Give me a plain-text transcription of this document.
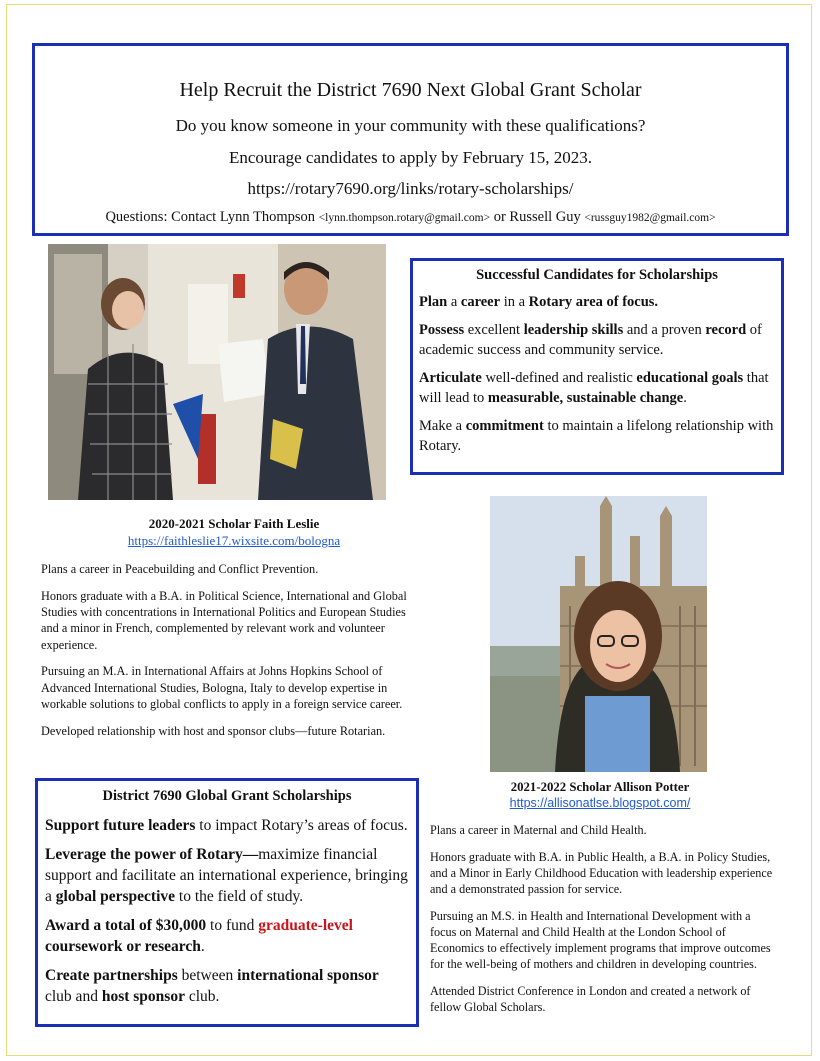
Help Recruit the District 7690 Next Global Grant Scholar
Do you know someone in your community with these qualifications?
Encourage candidates to apply by February 15, 2023.
https://rotary7690.org/links/rotary-scholarships/
Questions: Contact Lynn Thompson <lynn.thompson.rotary@gmail.com> or Russell Guy <russguy1982@gmail.com>
Successful Candidates for Scholarships

Plan a career in a Rotary area of focus.

Possess excellent leadership skills and a proven record of academic success and community service.

Articulate well-defined and realistic educational goals that will lead to measurable, sustainable change.

Make a commitment to maintain a lifelong relationship with Rotary.

2020-2021 Scholar Faith Leslie
https://faithleslie17.wixsite.com/bologna

Plans a career in Peacebuilding and Conflict Prevention.

Honors graduate with a B.A. in Political Science, International and Global Studies with concentrations in International Politics and European Studies and a minor in French, complemented by relevant work and volunteer experience.

Pursuing an M.A. in International Affairs at Johns Hopkins School of Advanced International Studies, Bologna, Italy to develop expertise in workable solutions to global conflicts to apply in a foreign service career.

Developed relationship with host and sponsor clubs—future Rotarian.

District 7690 Global Grant Scholarships

Support future leaders to impact Rotary’s areas of focus.

Leverage the power of Rotary—maximize financial support and facilitate an international experience, bringing a global perspective to the field of study.

Award a total of $30,000 to fund graduate-level coursework or research.

Create partnerships between international sponsor club and host sponsor club.

2021-2022 Scholar Allison Potter
https://allisonatlse.blogspot.com/

Plans a career in Maternal and Child Health.

Honors graduate with B.A. in Public Health, a B.A. in Policy Studies, and a Minor in Early Childhood Education with leadership experience and a demonstrated passion for service.

Pursuing an M.S. in Health and International Development with a focus on Maternal and Child Health at the London School of Economics to effectively implement programs that improve outcomes for the well-being of mothers and children in developing countries.

Attended District Conference in London and created a network of fellow Global Scholars.
